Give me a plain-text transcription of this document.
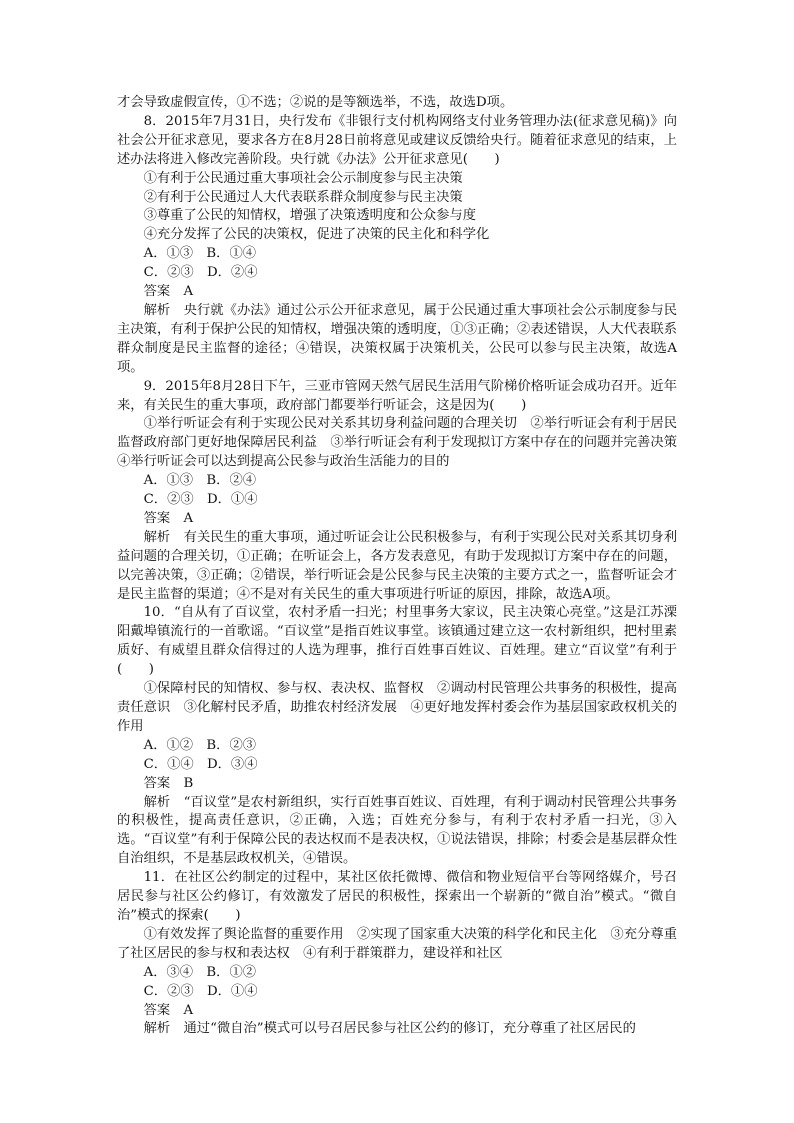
才会导致虚假宣传，①不选；②说的是等额选举，不选，故选D项。

8．2015年7月31日，央行发布《非银行支付机构网络支付业务管理办法(征求意见稿)》向社会公开征求意见，要求各方在8月28日前将意见或建议反馈给央行。随着征求意见的结束，上述办法将进入修改完善阶段。央行就《办法》公开征求意见(　　)

①有利于公民通过重大事项社会公示制度参与民主决策

②有利于公民通过人大代表联系群众制度参与民主决策

③尊重了公民的知情权，增强了决策透明度和公众参与度

④充分发挥了公民的决策权，促进了决策的民主化和科学化

A．①③　B．①④

C．②③　D．②④

答案　A

解析　央行就《办法》通过公示公开征求意见，属于公民通过重大事项社会公示制度参与民主决策，有利于保护公民的知情权，增强决策的透明度，①③正确；②表述错误，人大代表联系群众制度是民主监督的途径；④错误，决策权属于决策机关，公民可以参与民主决策，故选A项。

9．2015年8月28日下午，三亚市管网天然气居民生活用气阶梯价格听证会成功召开。近年来，有关民生的重大事项，政府部门都要举行听证会，这是因为(　　)

①举行听证会有利于实现公民对关系其切身利益问题的合理关切　②举行听证会有利于居民监督政府部门更好地保障居民利益　③举行听证会有利于发现拟订方案中存在的问题并完善决策　④举行听证会可以达到提高公民参与政治生活能力的目的

A．①③　B．②④

C．②③　D．①④

答案　A

解析　有关民生的重大事项，通过听证会让公民积极参与，有利于实现公民对关系其切身利益问题的合理关切，①正确；在听证会上，各方发表意见，有助于发现拟订方案中存在的问题，以完善决策，③正确；②错误，举行听证会是公民参与民主决策的主要方式之一，监督听证会才是民主监督的渠道；④不是对有关民生的重大事项进行听证的原因，排除，故选A项。

10．“自从有了百议堂，农村矛盾一扫光；村里事务大家议，民主决策心亮堂。”这是江苏溧阳戴埠镇流行的一首歌谣。“百议堂”是指百姓议事堂。该镇通过建立这一农村新组织，把村里素质好、有威望且群众信得过的人选为理事，推行百姓事百姓议、百姓理。建立“百议堂”有利于(　　)

①保障村民的知情权、参与权、表决权、监督权　②调动村民管理公共事务的积极性，提高责任意识　③化解村民矛盾，助推农村经济发展　④更好地发挥村委会作为基层国家政权机关的作用

A．①②　B．②③

C．①④　D．③④

答案　B

解析　“百议堂”是农村新组织，实行百姓事百姓议、百姓理，有利于调动村民管理公共事务的积极性，提高责任意识，②正确，入选；百姓充分参与，有利于农村矛盾一扫光，③入选。“百议堂”有利于保障公民的表达权而不是表决权，①说法错误，排除；村委会是基层群众性自治组织，不是基层政权机关，④错误。

11．在社区公约制定的过程中，某社区依托微博、微信和物业短信平台等网络媒介，号召居民参与社区公约修订，有效激发了居民的积极性，探索出一个崭新的“微自治”模式。“微自治”模式的探索(　　)

①有效发挥了舆论监督的重要作用　②实现了国家重大决策的科学化和民主化　③充分尊重了社区居民的参与权和表达权　④有利于群策群力，建设祥和社区

A．③④　B．①②

C．②③　D．①④

答案　A

解析　通过“微自治”模式可以号召居民参与社区公约的修订，充分尊重了社区居民的
